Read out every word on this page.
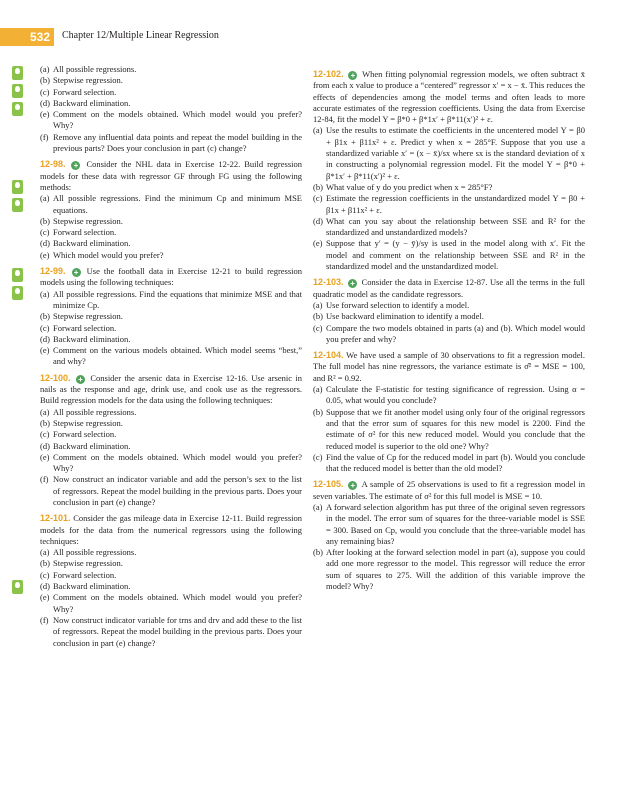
532	Chapter 12/Multiple Linear Regression

(a) All possible regressions.

(b) Stepwise regression.

(c) Forward selection.

(d) Backward elimination.

(e) Comment on the models obtained. Which model would you prefer? Why?

(f) Remove any influential data points and repeat the model building in the previous parts? Does your conclusion in part (c) change?

12-98. + Consider the NHL data in Exercise 12-22. Build regression models for these data with regressor GF through FG using the following methods:

(a) All possible regressions. Find the minimum Cp and minimum MSE equations.

(b) Stepwise regression.

(c) Forward selection.

(d) Backward elimination.

(e) Which model would you prefer?

12-99. + Use the football data in Exercise 12-21 to build regression models using the following techniques:

(a) All possible regressions. Find the equations that minimize MSE and that minimize Cp.

(b) Stepwise regression.

(c) Forward selection.

(d) Backward elimination.

(e) Comment on the various models obtained. Which model seems “best,” and why?

12-100. + Consider the arsenic data in Exercise 12-16. Use arsenic in nails as the response and age, drink use, and cook use as the regressors. Build regression models for the data using the following techniques:

(a) All possible regressions.

(b) Stepwise regression.

(c) Forward selection.

(d) Backward elimination.

(e) Comment on the models obtained. Which model would you prefer? Why?

(f) Now construct an indicator variable and add the person’s sex to the list of regressors. Repeat the model building in the previous parts. Does your conclusion in part (e) change?

12-101. Consider the gas mileage data in Exercise 12-11. Build regression models for the data from the numerical regressors using the following techniques:

(a) All possible regressions.

(b) Stepwise regression.

(c) Forward selection.

(d) Backward elimination.

(e) Comment on the models obtained. Which model would you prefer? Why?

(f) Now construct indicator variable for trns and drv and add these to the list of regressors. Repeat the model building in the previous parts. Does your conclusion in part (e) change?

12-102. + When fitting polynomial regression models, we often subtract x̄ from each x value to produce a “centered” regressor x′ = x − x̄. This reduces the effects of dependencies among the model terms and often leads to more accurate estimates of the regression coefficients. Using the data from Exercise 12-84, fit the model Y = β*0 + β*1x′ + β*11(x′)² + ε.

(a) Use the results to estimate the coefficients in the uncentered model Y = β0 + β1x + β11x² + ε. Predict y when x = 285°F. Suppose that you use a standardized variable x′ = (x − x̄)/sx where sx is the standard deviation of x in constructing a polynomial regression model. Fit the model Y = β*0 + β*1x′ + β*11(x′)² + ε.

(b) What value of y do you predict when x = 285°F?

(c) Estimate the regression coefficients in the unstandardized model Y = β0 + β1x + β11x² + ε.

(d) What can you say about the relationship between SSE and R² for the standardized and unstandardized models?

(e) Suppose that y′ = (y − ȳ)/sy is used in the model along with x′. Fit the model and comment on the relationship between SSE and R² in the standardized model and the unstandardized model.

12-103. + Consider the data in Exercise 12-87. Use all the terms in the full quadratic model as the candidate regressors.

(a) Use forward selection to identify a model.

(b) Use backward elimination to identify a model.

(c) Compare the two models obtained in parts (a) and (b). Which model would you prefer and why?

12-104. We have used a sample of 30 observations to fit a regression model. The full model has nine regressors, the variance estimate is σ̂² = MSE = 100, and R² = 0.92.

(a) Calculate the F-statistic for testing significance of regression. Using α = 0.05, what would you conclude?

(b) Suppose that we fit another model using only four of the original regressors and that the error sum of squares for this new model is 2200. Find the estimate of σ² for this new reduced model. Would you conclude that the reduced model is superior to the old one? Why?

(c) Find the value of Cp for the reduced model in part (b). Would you conclude that the reduced model is better than the old model?

12-105. + A sample of 25 observations is used to fit a regression model in seven variables. The estimate of σ² for this full model is MSE = 10.

(a) A forward selection algorithm has put three of the original seven regressors in the model. The error sum of squares for the three-variable model is SSE = 300. Based on Cp, would you conclude that the three-variable model has any remaining bias?

(b) After looking at the forward selection model in part (a), suppose you could add one more regressor to the model. This regressor will reduce the error sum of squares to 275. Will the addition of this variable improve the model? Why?
